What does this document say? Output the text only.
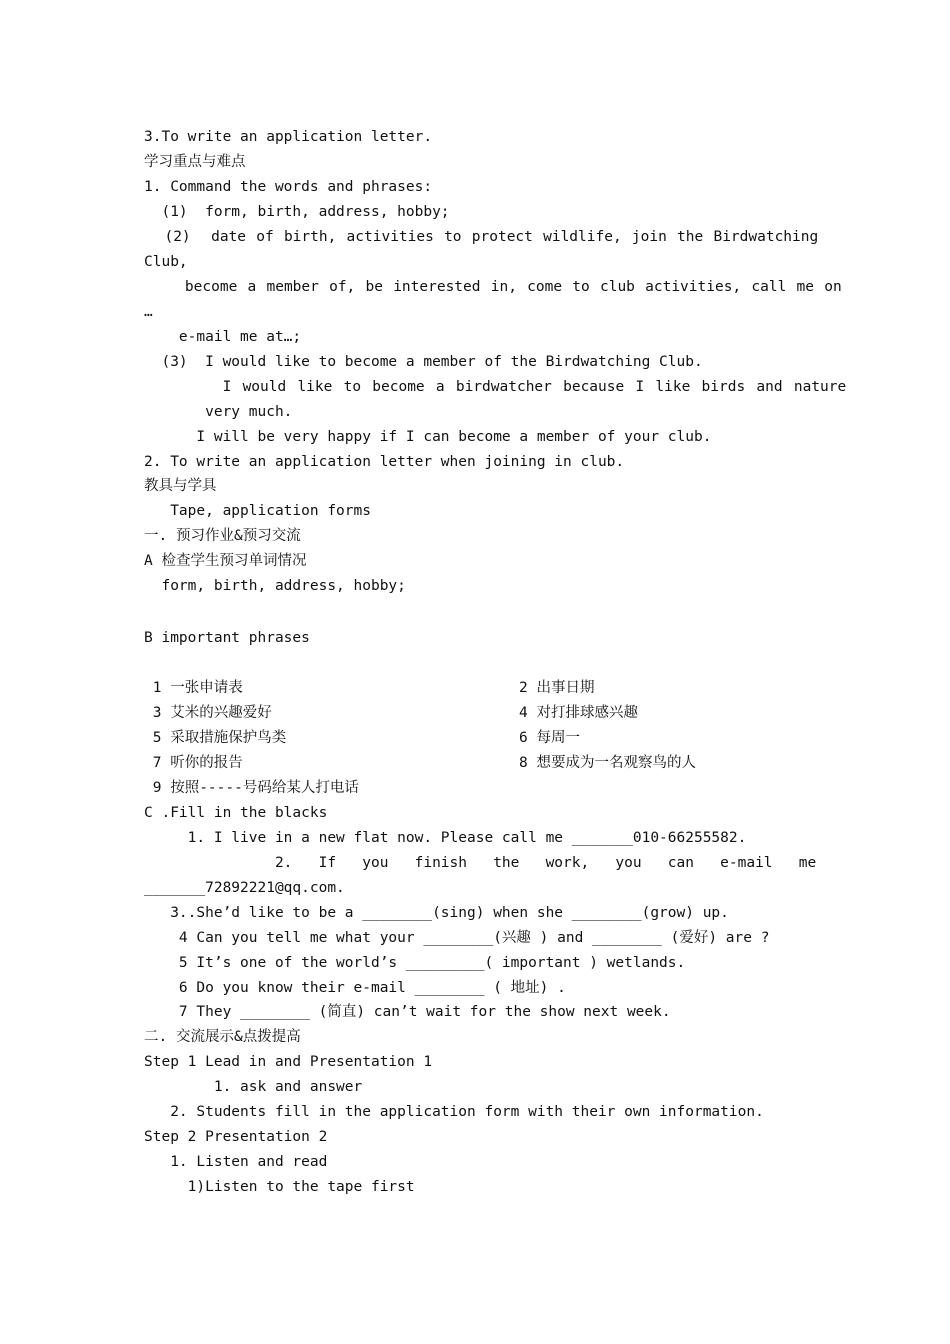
3.To write an application letter.
学习重点与难点
1. Command the words and phrases:
(1)  form, birth, address, hobby;
(2)  date of birth, activities to protect wildlife, join the Birdwatching
Club,
become a member of, be interested in, come to club activities, call me on
…
e-mail me at…;
(3)  I would like to become a member of the Birdwatching Club.
I would like to become a birdwatcher because I like birds and nature
very much.
I will be very happy if I can become a member of your club.
2. To write an application letter when joining in club.
教具与学具
Tape, application forms
一. 预习作业&预习交流
A 检查学生预习单词情况
form, birth, address, hobby;
B important phrases
1 一张申请表	2 出事日期
3 艾米的兴趣爱好	4 对打排球感兴趣
5 采取措施保护鸟类	6 每周一
7 听你的报告	8 想要成为一名观察鸟的人
9 按照-----号码给某人打电话
C .Fill in the blacks
1. I live in a new flat now. Please call me _______010-66255582.
2.   If   you   finish   the   work,   you   can   e-mail   me
_______72892221@qq.com.
3..She’d like to be a ________(sing) when she ________(grow) up.
4 Can you tell me what your ________(兴趣 ) and ________ (爱好) are ?
5 It’s one of the world’s _________( important ) wetlands.
6 Do you know their e-mail ________ ( 地址) .
7 They ________ (简直) can’t wait for the show next week.
二. 交流展示&点拨提高
Step 1 Lead in and Presentation 1
1. ask and answer
2. Students fill in the application form with their own information.
Step 2 Presentation 2
1. Listen and read
1)Listen to the tape first
